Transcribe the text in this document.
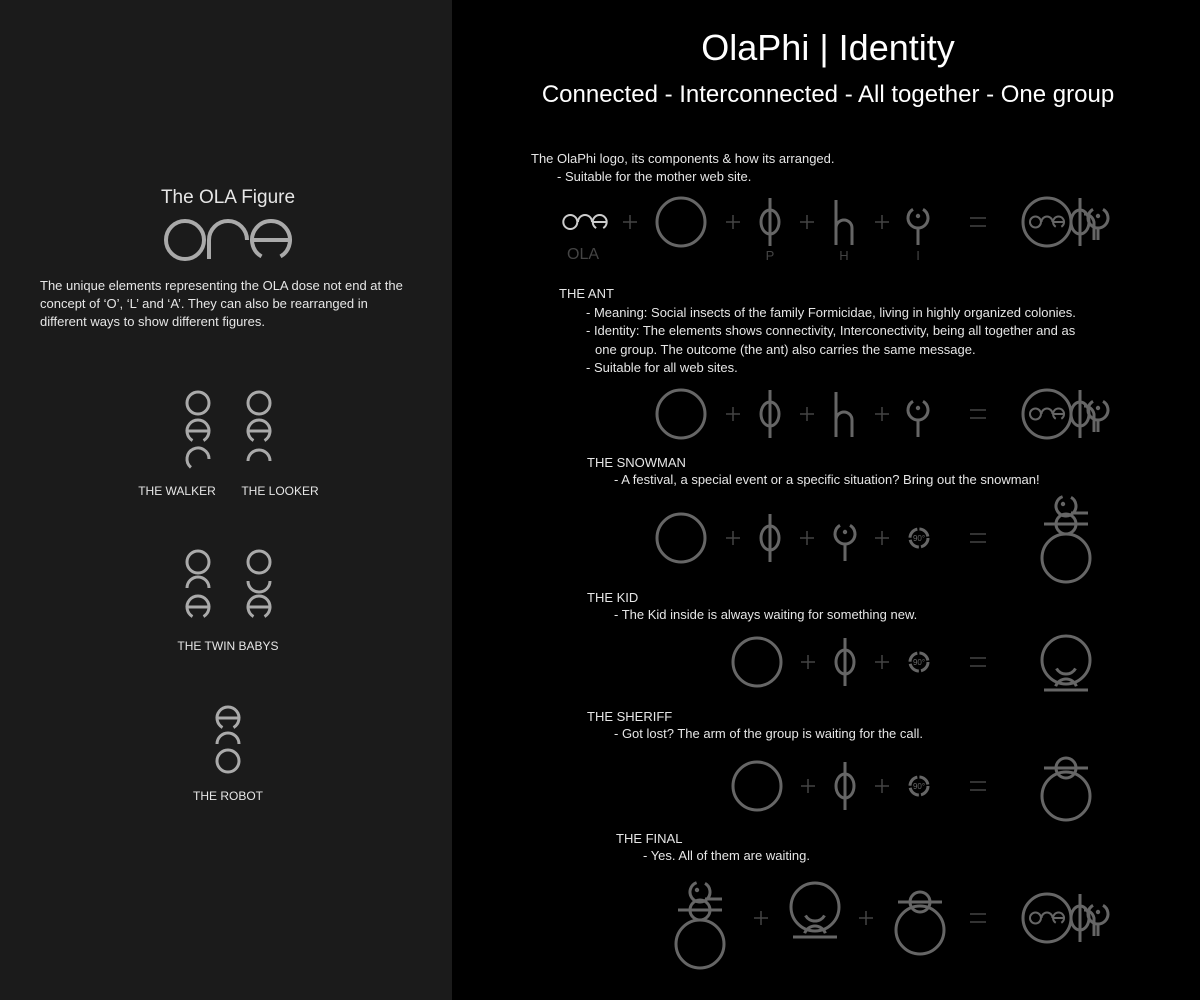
OlaPhi | Identity
Connected - Interconnected - All together - One group
The OLA Figure
The unique elements representing the OLA dose not end at the concept of ‘O’, ‘L’ and ‘A’. They can also be rearranged in different ways to show different figures.
THE WALKER THE LOOKER
THE TWIN BABYS
THE ROBOT
The OlaPhi logo, its components & how its arranged.
- Suitable for the mother web site.
OLA	P	H	I
THE ANT
- Meaning: Social insects of the family Formicidae, living in highly organized colonies.
- Identity: The elements shows connectivity, Interconectivity, being all together and as
one group. The outcome (the ant) also carries the same message.
- Suitable for all web sites.
THE SNOWMAN
- A festival, a special event or a specific situation? Bring out the snowman!
THE KID
- The Kid inside is always waiting for something new.
THE SHERIFF
- Got lost? The arm of the group is waiting for the call.
THE FINAL
- Yes. All of them are waiting.
90°
90°
90°
